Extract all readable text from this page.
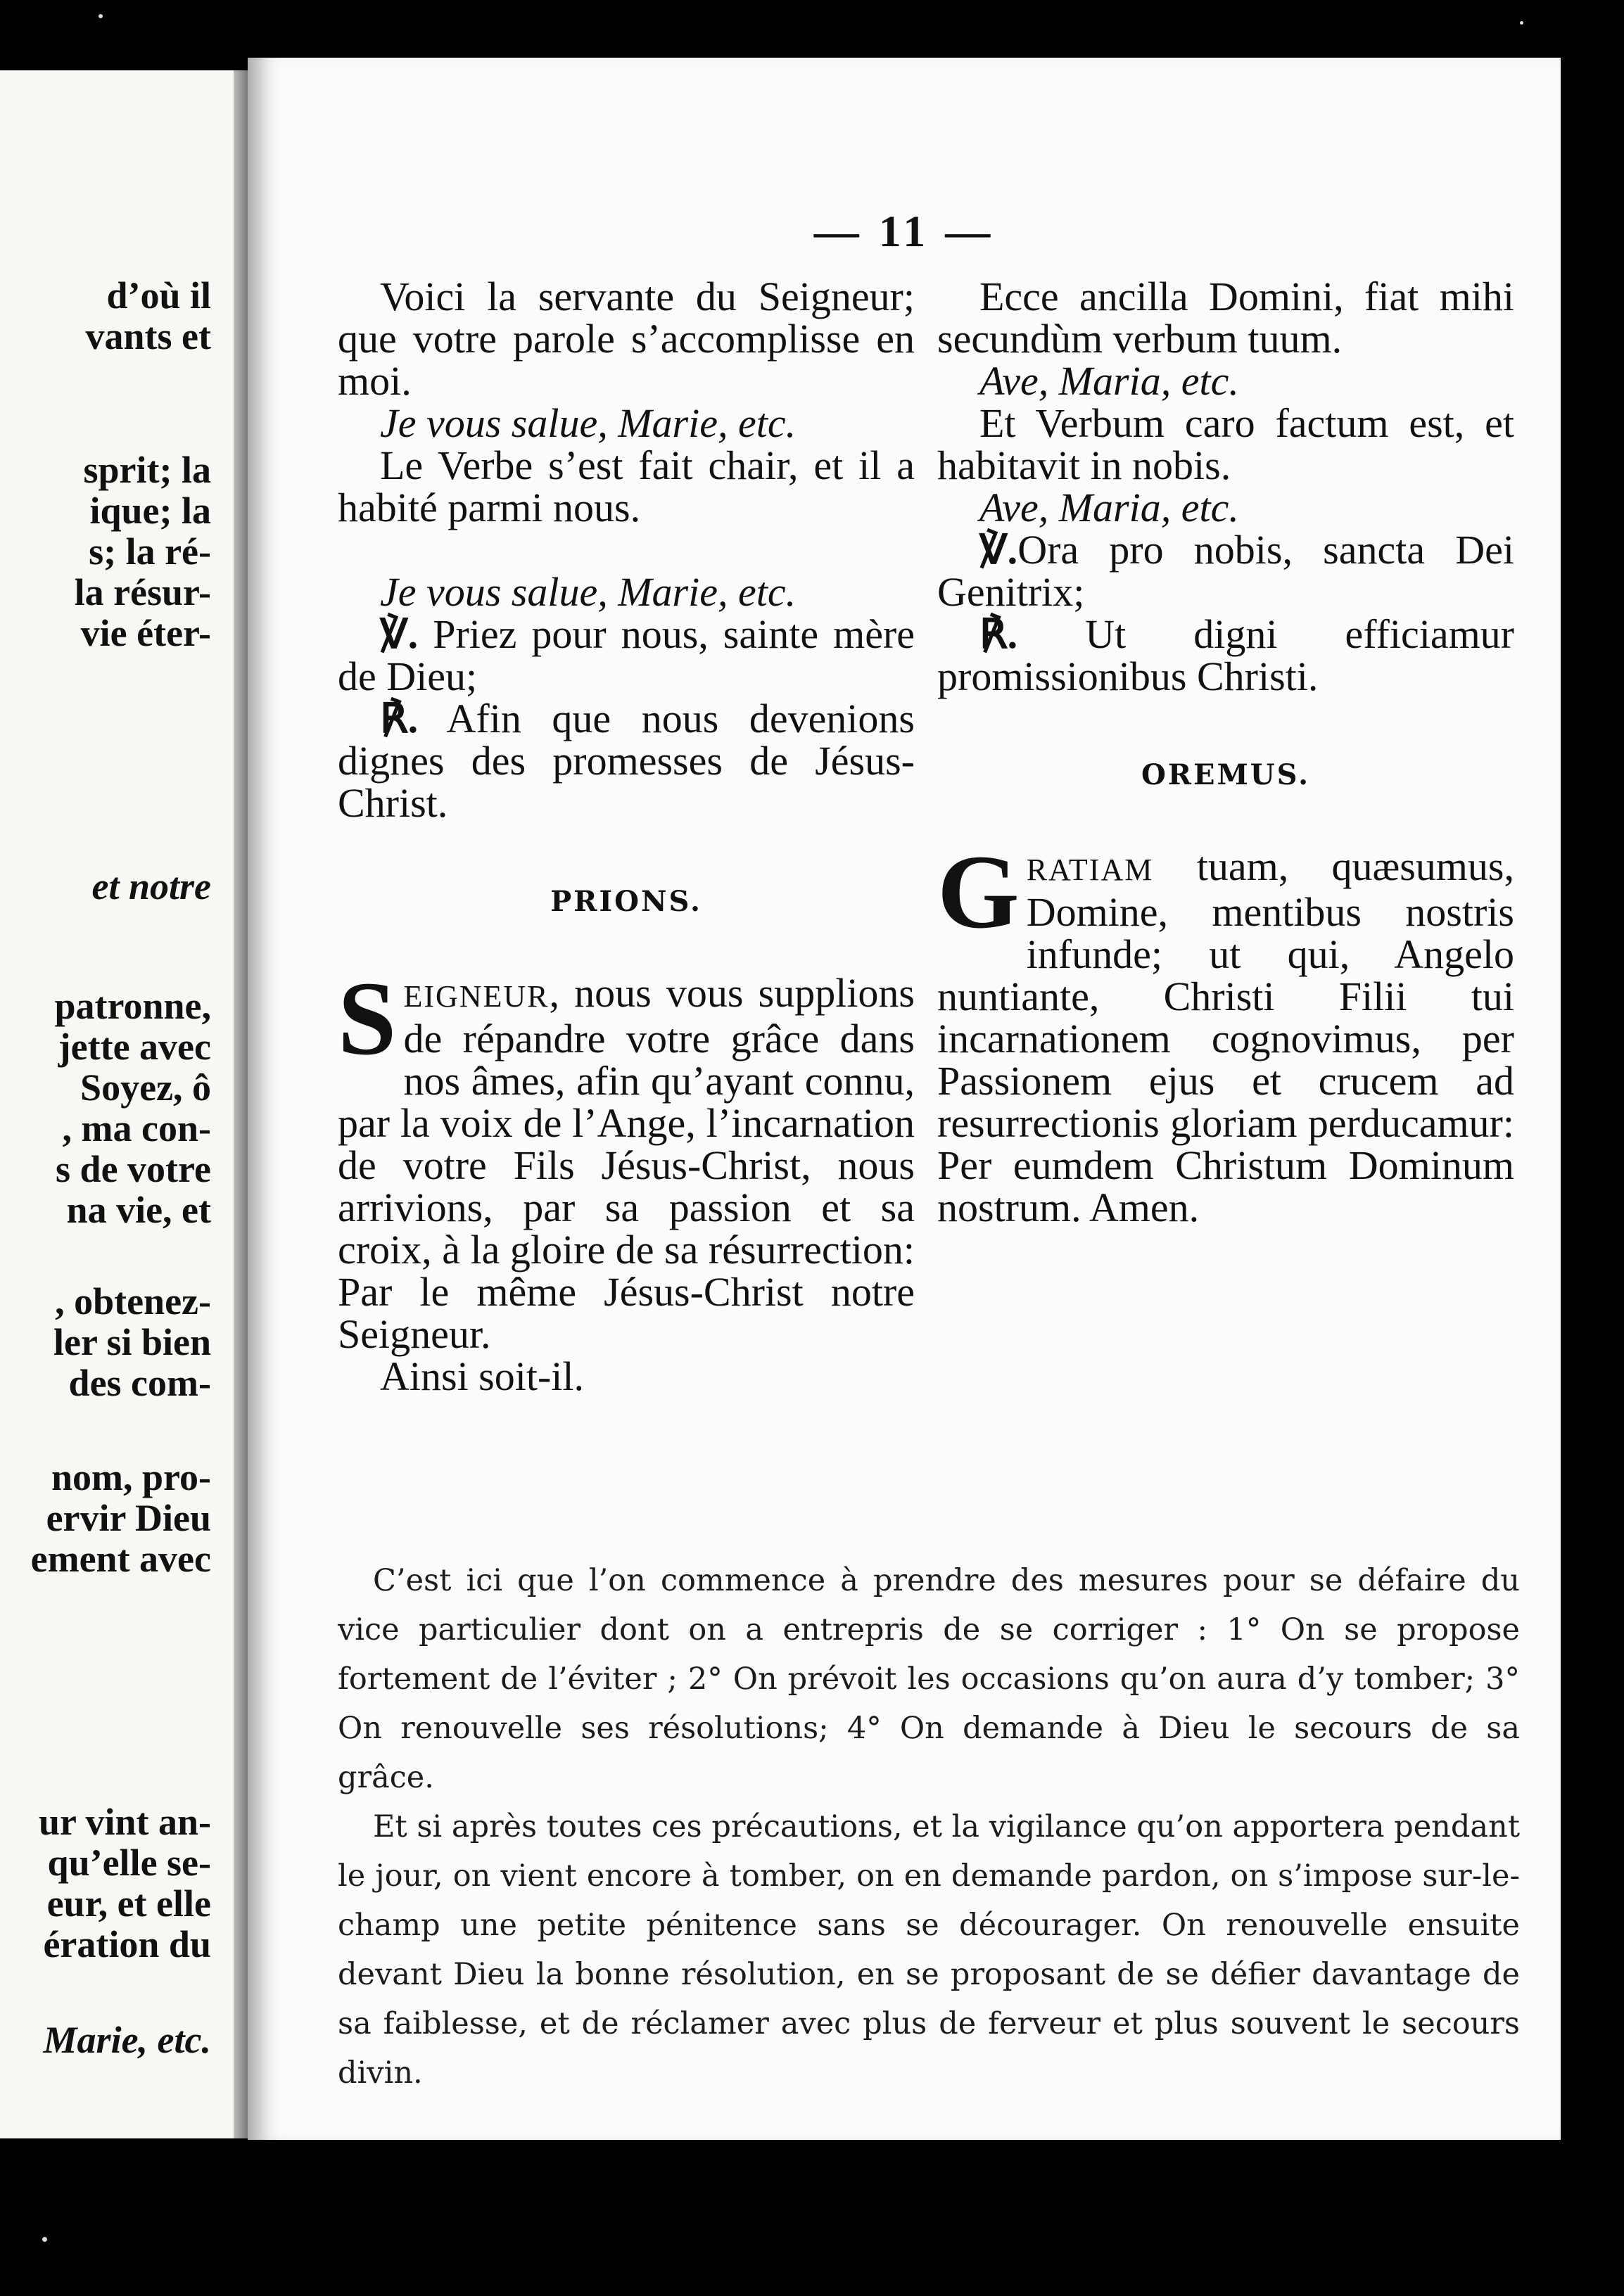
d’où il
vants et
sprit; la
ique; la
s; la ré-
la résur-
vie éter-
et notre
patronne,
jette avec
Soyez, ô
, ma con-
s de votre
na vie, et
, obtenez-
ler si bien
des com-
nom, pro-
ervir Dieu
ement avec
ur vint an-
qu’elle se-
eur, et elle
ération du
Marie, etc.
— 11 —

Voici la servante du Seigneur; que votre parole s’accomplisse en moi.

Je vous salue, Marie, etc.

Le Verbe s’est fait chair, et il a habité parmi nous.

Je vous salue, Marie, etc.

℣. Priez pour nous, sainte mère de Dieu;

℟. Afin que nous devenions dignes des promesses de Jésus-Christ.

PRIONS.

SEIGNEUR, nous vous supplions de répandre votre grâce dans nos âmes, afin qu’ayant connu, par la voix de l’Ange, l’incarnation de votre Fils Jésus-Christ, nous arrivions, par sa passion et sa croix, à la gloire de sa résurrection: Par le même Jésus-Christ notre Seigneur.

Ainsi soit-il.

Ecce ancilla Domini, fiat mihi secundùm verbum tuum.

Ave, Maria, etc.

Et Verbum caro factum est, et habitavit in nobis.

Ave, Maria, etc.

℣.Ora pro nobis, sancta Dei Genitrix;

℟. Ut digni efficiamur promissionibus Christi.

OREMUS.

GRATIAM tuam, quæsumus, Domine, mentibus nostris infunde; ut qui, Angelo nuntiante, Christi Filii tui incarnationem cognovimus, per Passionem ejus et crucem ad resurrectionis gloriam perducamur: Per eumdem Christum Dominum nostrum. Amen.

C’est ici que l’on commence à prendre des mesures pour se défaire du vice particulier dont on a entrepris de se corriger : 1° On se propose fortement de l’éviter ; 2° On prévoit les occasions qu’on aura d’y tomber; 3° On renouvelle ses résolutions; 4° On demande à Dieu le secours de sa grâce.

Et si après toutes ces précautions, et la vigilance qu’on apportera pendant le jour, on vient encore à tomber, on en demande pardon, on s’impose sur-le-champ une petite pénitence sans se décourager. On renouvelle ensuite devant Dieu la bonne résolution, en se proposant de se défier davantage de sa faiblesse, et de réclamer avec plus de ferveur et plus souvent le secours divin.
